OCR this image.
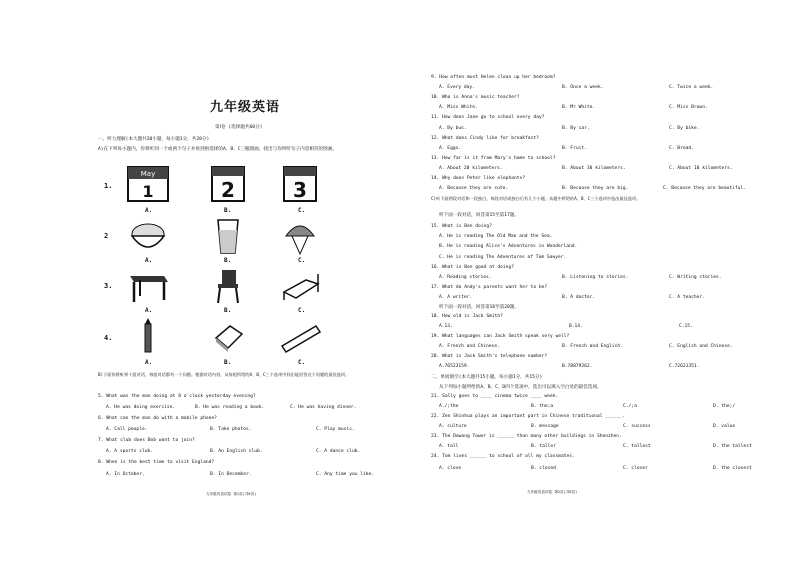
九年级英语
第Ⅰ卷 (选择题共60分)
一、听力理解(本大题共20小题，每小题1分，共20分)
A)在下列每小题内，你将听到一个或两个句子并看到供选择的A、B、C三幅图画，找出与你所听句子内容相符的图画。
1.
May
1	2	3
A.	B.	C.
2
A.	B.	C.
3.
A.	B.	C.
4.
A.	B.	C.
B)下面你将听到十组对话，每组对话都有一个问题。根据对话内容，从每组所给的A、B、C三个选项中找出能回答这个问题的最佳选项。
5. What was the man doing at 8 o'clock yesterday evening?
A. He was doing exercise.	B. He was reading a book.	C. He was having dinner.
6. What can the man do with a mobile phone?
A. Call people.	B. Take photos.	C. Play music.
7. What club does Bob want to join?
A. A sports club.	B. An English club.	C. A dance club.
8. When is the best time to visit England?
A. In October.	B. In December.	C. Any time you like.
九年级英语试卷 第1页(共6页)
9. How often must Helen clean up her bedroom?
A. Every day.	B. Once a week.	C. Twice a week.
10. Who is Anna's music teacher?
A. Miss White.	B. Mr White.	C. Miss Brown.
11. How does Jane go to school every day?
A. By bus.	B. By car.	C. By bike.
12. What does Cindy like for breakfast?
A. Eggs.	B. Fruit.	C. Bread.
13. How far is it from Mary's home to school?
A. About 20 kilometers.	B. About 30 kilometers.	C. About 10 kilometers.
14. Why does Peter like elephants?
A. Because they are cute.	B. Because they are big.	C. Because they are beautiful.
C)听下面两段对话和一段独白，每段对话或独白后有几个小题，从题中所给的A、B、C三个选项中选出最佳选项。
听下面一段对话，回答第15至第17题。
15. What is Ben doing?
A. He is reading The Old Man and the Sea.
B. He is reading Alice's Adventures in Wonderland.
C. He is reading The Adventures of Tom Sawyer.
16. What is Ben good at doing?
A. Reading stories.	B. Listening to stories.	C. Writing stories.
17. What do Andy's parents want her to be?
A. A writer.	B. A doctor.	C. A teacher.
听下面一段对话，回答第18至第20题。
18. How old is Jack Smith?
A.13.	B.14.	C.15.
19. What languages can Jack Smith speak very well?
A. French and Chinese.	B. French and English.	C. English and Chinese.
20. What is Jack Smith's telephone number?
A.76523159.	B.78879262.	C.72621351.
二、单项填空(本大题共15小题，每小题1分，共15分)
从下列每小题所给的A、B、C、D四个选项中，选出可以填入空白处的最佳选项。
21. Sally goes to ____ cinema twice ____ week.
A./;the	B. the;a	C./;a	D. the;/
22. Zen Shinhua plays an important part in Chinese traditional ______.
A. culture	B. message	C. success	D. value
23. The Dawang Tower is ______ than many other buildings in Shenzhen.
A. tall	B. taller	C. tallest	D. the tallest
24. Tom lives ______ to school of all my classmates.
A. close	B. closed	C. closer	D. the closest
九年级英语试卷 第2页(共6页)
